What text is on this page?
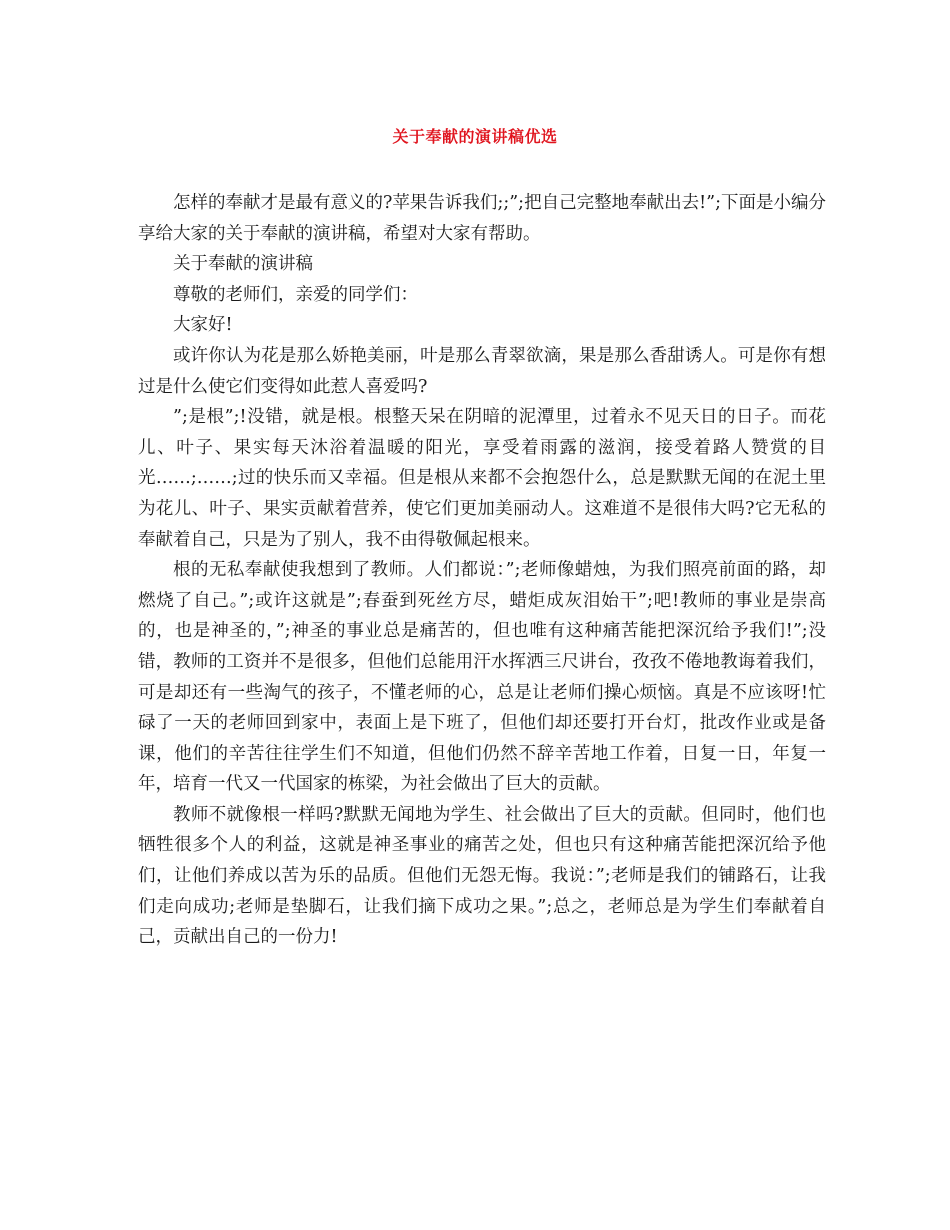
关于奉献的演讲稿优选

怎样的奉献才是最有意义的?苹果告诉我们;;”;把自己完整地奉献出去!”;下面是小编分享给大家的关于奉献的演讲稿，希望对大家有帮助。

关于奉献的演讲稿

尊敬的老师们，亲爱的同学们：

大家好!

或许你认为花是那么娇艳美丽，叶是那么青翠欲滴，果是那么香甜诱人。可是你有想过是什么使它们变得如此惹人喜爱吗?

”;是根”;!没错，就是根。根整天呆在阴暗的泥潭里，过着永不见天日的日子。而花儿、叶子、果实每天沐浴着温暖的阳光，享受着雨露的滋润，接受着路人赞赏的目光……;……;过的快乐而又幸福。但是根从来都不会抱怨什么，总是默默无闻的在泥土里为花儿、叶子、果实贡献着营养，使它们更加美丽动人。这难道不是很伟大吗?它无私的奉献着自己，只是为了别人，我不由得敬佩起根来。

根的无私奉献使我想到了教师。人们都说：”;老师像蜡烛，为我们照亮前面的路，却燃烧了自己。”;或许这就是”;春蚕到死丝方尽，蜡炬成灰泪始干”;吧!教师的事业是崇高的，也是神圣的，”;神圣的事业总是痛苦的，但也唯有这种痛苦能把深沉给予我们!”;没错，教师的工资并不是很多，但他们总能用汗水挥洒三尺讲台，孜孜不倦地教诲着我们，可是却还有一些淘气的孩子，不懂老师的心，总是让老师们操心烦恼。真是不应该呀!忙碌了一天的老师回到家中，表面上是下班了，但他们却还要打开台灯，批改作业或是备课，他们的辛苦往往学生们不知道，但他们仍然不辞辛苦地工作着，日复一日，年复一年，培育一代又一代国家的栋梁，为社会做出了巨大的贡献。

教师不就像根一样吗?默默无闻地为学生、社会做出了巨大的贡献。但同时，他们也牺牲很多个人的利益，这就是神圣事业的痛苦之处，但也只有这种痛苦能把深沉给予他们，让他们养成以苦为乐的品质。但他们无怨无悔。我说：”;老师是我们的铺路石，让我们走向成功;老师是垫脚石，让我们摘下成功之果。”;总之，老师总是为学生们奉献着自己，贡献出自己的一份力!
